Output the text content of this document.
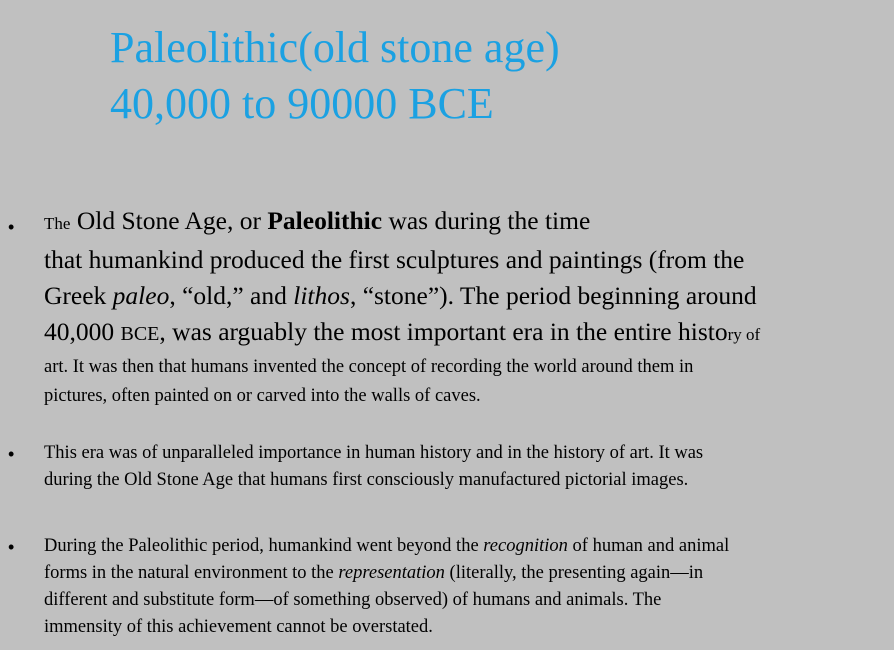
Paleolithic(old stone age)
40,000 to 90000 BCE
• The Old Stone Age, or Paleolithic was during the time
that humankind produced the first sculptures and paintings (from the
Greek paleo, “old,” and lithos, “stone”). The period beginning around
40,000 BCE, was arguably the most important era in the entire history of
art. It was then that humans invented the concept of recording the world around them in
pictures, often painted on or carved into the walls of caves.
• This era was of unparalleled importance in human history and in the history of art. It was
during the Old Stone Age that humans first consciously manufactured pictorial images.
• During the Paleolithic period, humankind went beyond the recognition of human and animal
forms in the natural environment to the representation (literally, the presenting again—in
different and substitute form—of something observed) of humans and animals. The
immensity of this achievement cannot be overstated.
